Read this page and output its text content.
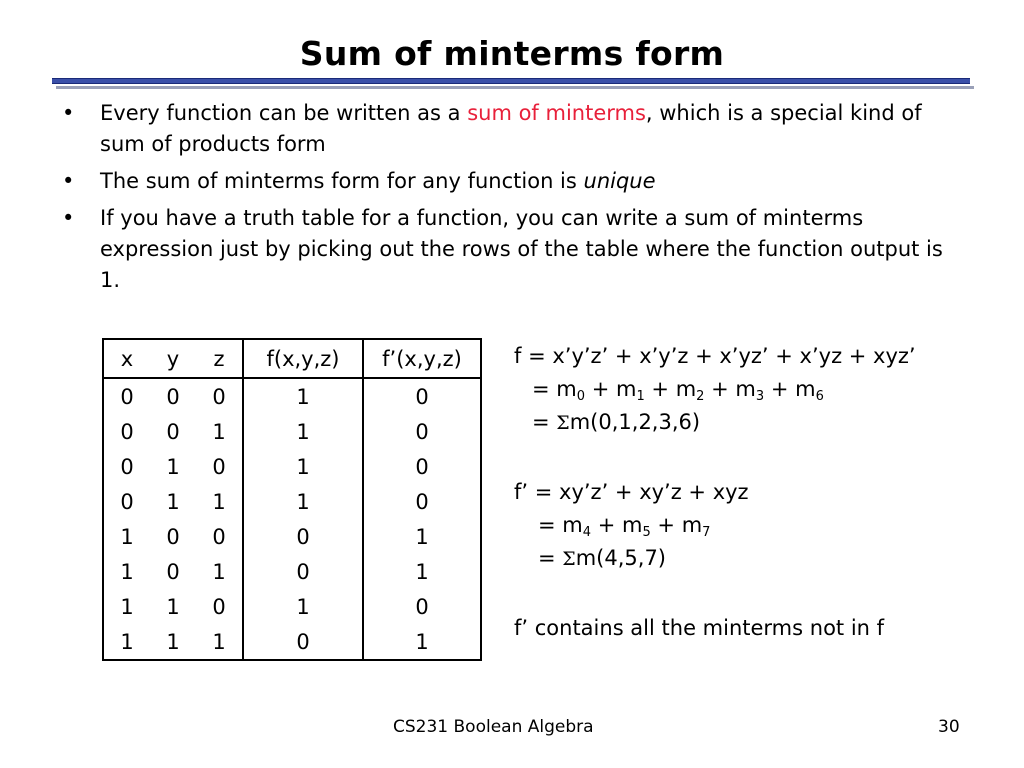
Sum of minterms form
• Every function can be written as a sum of minterms, which is a special kind of sum of products form
• The sum of minterms form for any function is unique
• If you have a truth table for a function, you can write a sum of minterms expression just by picking out the rows of the table where the function output is 1.
x	y	z	f(x,y,z)	f’(x,y,z)
0	0	0	1	0
0	0	1	1	0
0	1	0	1	0
0	1	1	1	0
1	0	0	0	1
1	0	1	0	1
1	1	0	1	0
1	1	1	0	1
f = x’y’z’ + x’y’z + x’yz’ + x’yz + xyz’
= $m_0 + m_1 + m_2 + m_3 + m_6$
= Σm(0,1,2,3,6)
f’ = xy’z’ + xy’z + xyz
= $m_4 + m_5 + m_7$
= Σm(4,5,7)
f’ contains all the minterms not in f
CS231 Boolean Algebra	30
